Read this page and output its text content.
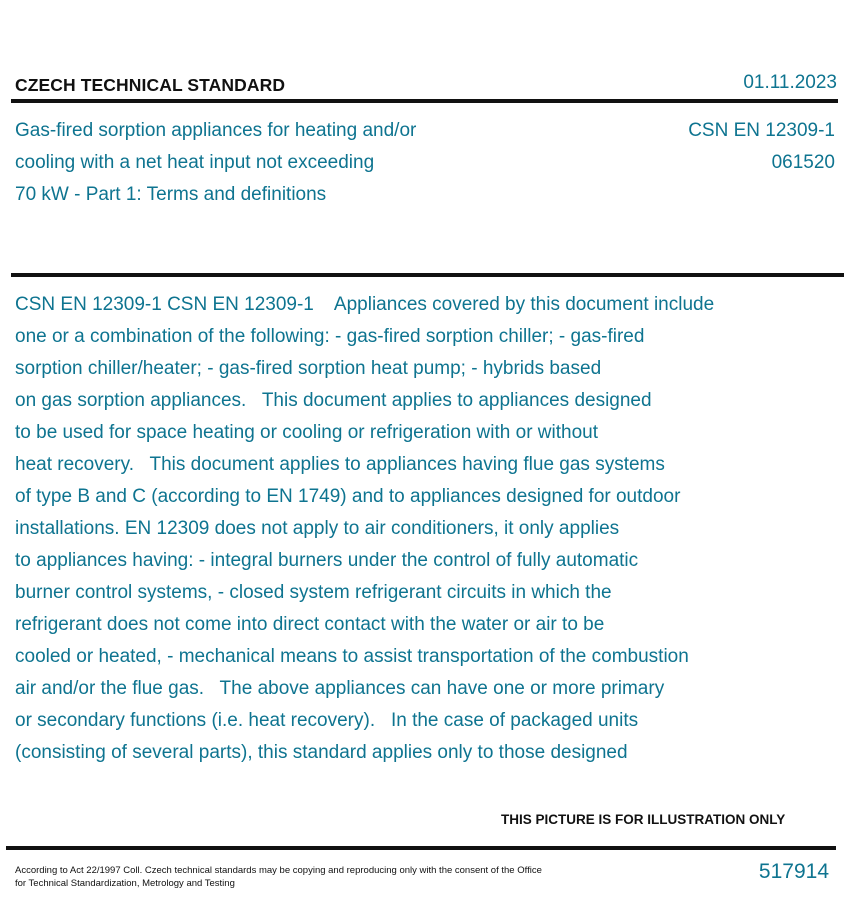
CZECH TECHNICAL STANDARD	01.11.2023
Gas-fired sorption appliances for heating and/or
cooling with a net heat input not exceeding
70 kW - Part 1: Terms and definitions
CSN EN 12309-1
061520
CSN EN 12309-1 CSN EN 12309-1    Appliances covered by this document include
one or a combination of the following: - gas-fired sorption chiller; - gas-fired
sorption chiller/heater; - gas-fired sorption heat pump; - hybrids based
on gas sorption appliances.   This document applies to appliances designed
to be used for space heating or cooling or refrigeration with or without
heat recovery.   This document applies to appliances having flue gas systems
of type B and C (according to EN 1749) and to appliances designed for outdoor
installations. EN 12309 does not apply to air conditioners, it only applies
to appliances having: - integral burners under the control of fully automatic
burner control systems, - closed system refrigerant circuits in which the
refrigerant does not come into direct contact with the water or air to be
cooled or heated, - mechanical means to assist transportation of the combustion
air and/or the flue gas.   The above appliances can have one or more primary
or secondary functions (i.e. heat recovery).   In the case of packaged units
(consisting of several parts), this standard applies only to those designed
THIS PICTURE IS FOR ILLUSTRATION ONLY
According to Act 22/1997 Coll. Czech technical standards may be copying and reproducing only with the consent of the Office
for Technical Standardization, Metrology and Testing
517914
